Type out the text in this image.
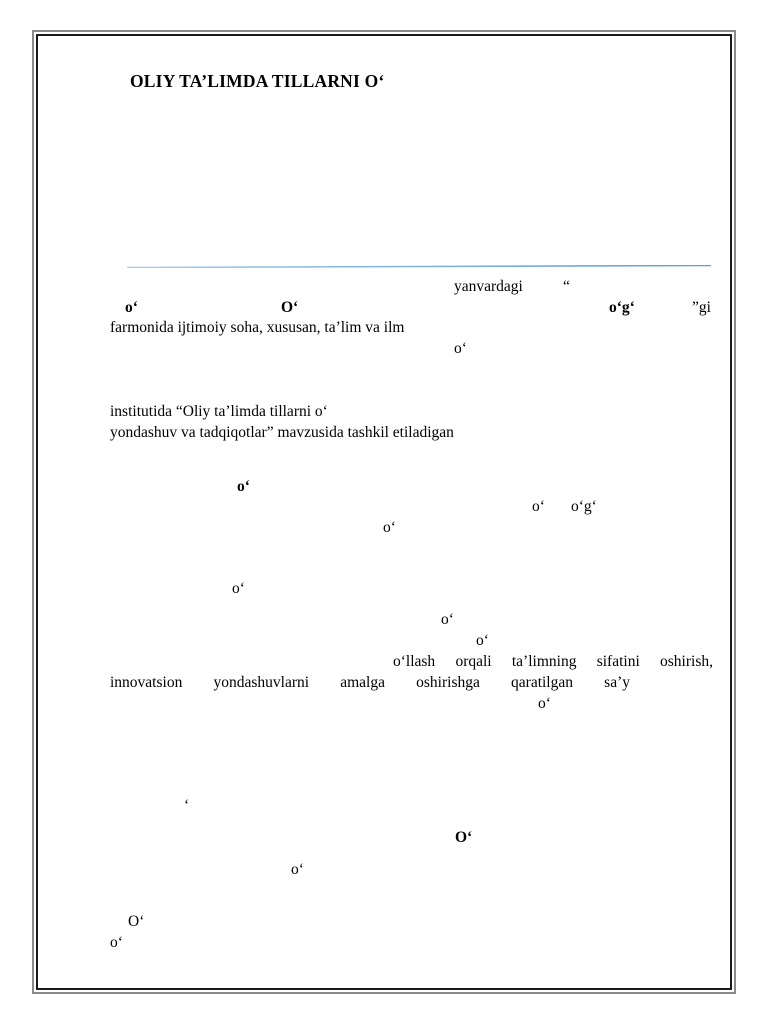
OLIY TA’LIMDA TILLARNI O‘
yanvardagi	“
o‘	O‘	o‘g‘	”gi
farmonida ijtimoiy soha, xususan, ta’lim va ilm
o‘
institutida “Oliy ta’limda tillarni o‘
yondashuv va tadqiqotlar” mavzusida tashkil etiladigan
o‘
o‘ o‘g‘
o‘
o‘
o‘
o‘
o‘llash orqali ta’limning sifatini oshirish,
innovatsion yondashuvlarni amalga oshirishga qaratilgan sa’y
o‘
‘
O‘
o‘
O‘
o‘
